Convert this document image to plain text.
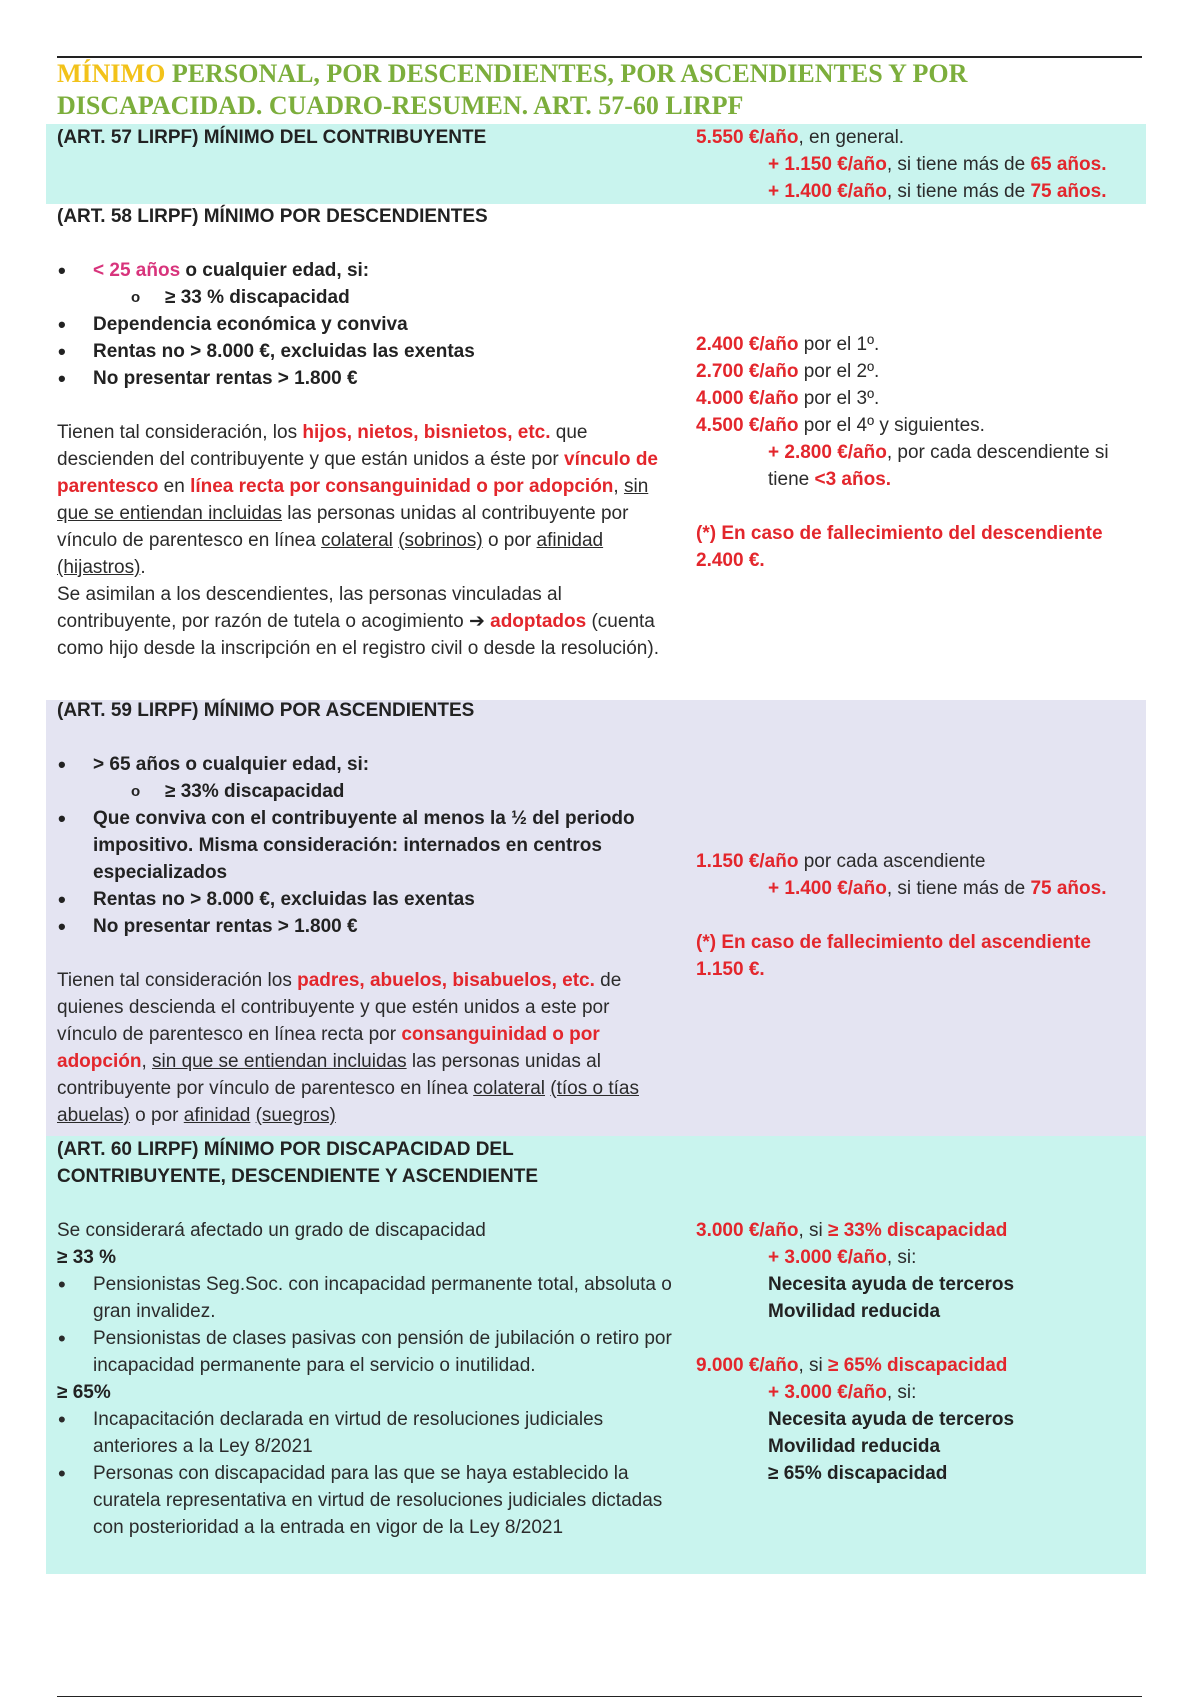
MÍNIMO PERSONAL, POR DESCENDIENTES, POR ASCENDIENTES Y POR DISCAPACIDAD. CUADRO-RESUMEN. ART. 57-60 LIRPF
(ART. 57 LIRPF) MÍNIMO DEL CONTRIBUYENTE	5.550 €/año, en general.

+ 1.150 €/año, si tiene más de 65 años.

+ 1.400 €/año, si tiene más de 75 años.

(ART. 58 LIRPF) MÍNIMO POR DESCENDIENTES

• < 25 años o cualquier edad, si:
o ≥ 33 % discapacidad
• Dependencia económica y conviva
• Rentas no > 8.000 €, excluidas las exentas
• No presentar rentas > 1.800 €

Tienen tal consideración, los hijos, nietos, bisnietos, etc. que descienden del contribuyente y que están unidos a éste por vínculo de parentesco en línea recta por consanguinidad o por adopción, sin que se entiendan incluidas las personas unidas al contribuyente por vínculo de parentesco en línea colateral (sobrinos) o por afinidad (hijastros).

Se asimilan a los descendientes, las personas vinculadas al contribuyente, por razón de tutela o acogimiento ➔ adoptados (cuenta como hijo desde la inscripción en el registro civil o desde la resolución).

2.400 €/año por el 1º.

2.700 €/año por el 2º.

4.000 €/año por el 3º.

4.500 €/año por el 4º y siguientes.

+ 2.800 €/año, por cada descendiente si tiene <3 años.

(*) En caso de fallecimiento del descendiente 2.400 €.

(ART. 59 LIRPF) MÍNIMO POR ASCENDIENTES

• > 65 años o cualquier edad, si:
o ≥ 33% discapacidad
• Que conviva con el contribuyente al menos la ½ del periodo impositivo. Misma consideración: internados en centros especializados
• Rentas no > 8.000 €, excluidas las exentas
• No presentar rentas > 1.800 €

Tienen tal consideración los padres, abuelos, bisabuelos, etc. de quienes descienda el contribuyente y que estén unidos a este por vínculo de parentesco en línea recta por consanguinidad o por adopción, sin que se entiendan incluidas las personas unidas al contribuyente por vínculo de parentesco en línea colateral (tíos o tías abuelas) o por afinidad (suegros)

1.150 €/año por cada ascendiente

+ 1.400 €/año, si tiene más de 75 años.

(*) En caso de fallecimiento del ascendiente 1.150 €.

(ART. 60 LIRPF) MÍNIMO POR DISCAPACIDAD DEL CONTRIBUYENTE, DESCENDIENTE Y ASCENDIENTE

Se considerará afectado un grado de discapacidad

≥ 33 %

• Pensionistas Seg.Soc. con incapacidad permanente total, absoluta o gran invalidez.
• Pensionistas de clases pasivas con pensión de jubilación o retiro por incapacidad permanente para el servicio o inutilidad.

≥ 65%

• Incapacitación declarada en virtud de resoluciones judiciales anteriores a la Ley 8/2021
• Personas con discapacidad para las que se haya establecido la curatela representativa en virtud de resoluciones judiciales dictadas con posterioridad a la entrada en vigor de la Ley 8/2021

3.000 €/año, si ≥ 33% discapacidad

+ 3.000 €/año, si:

Necesita ayuda de terceros

Movilidad reducida

9.000 €/año, si ≥ 65% discapacidad

+ 3.000 €/año, si:

Necesita ayuda de terceros

Movilidad reducida

≥ 65% discapacidad
